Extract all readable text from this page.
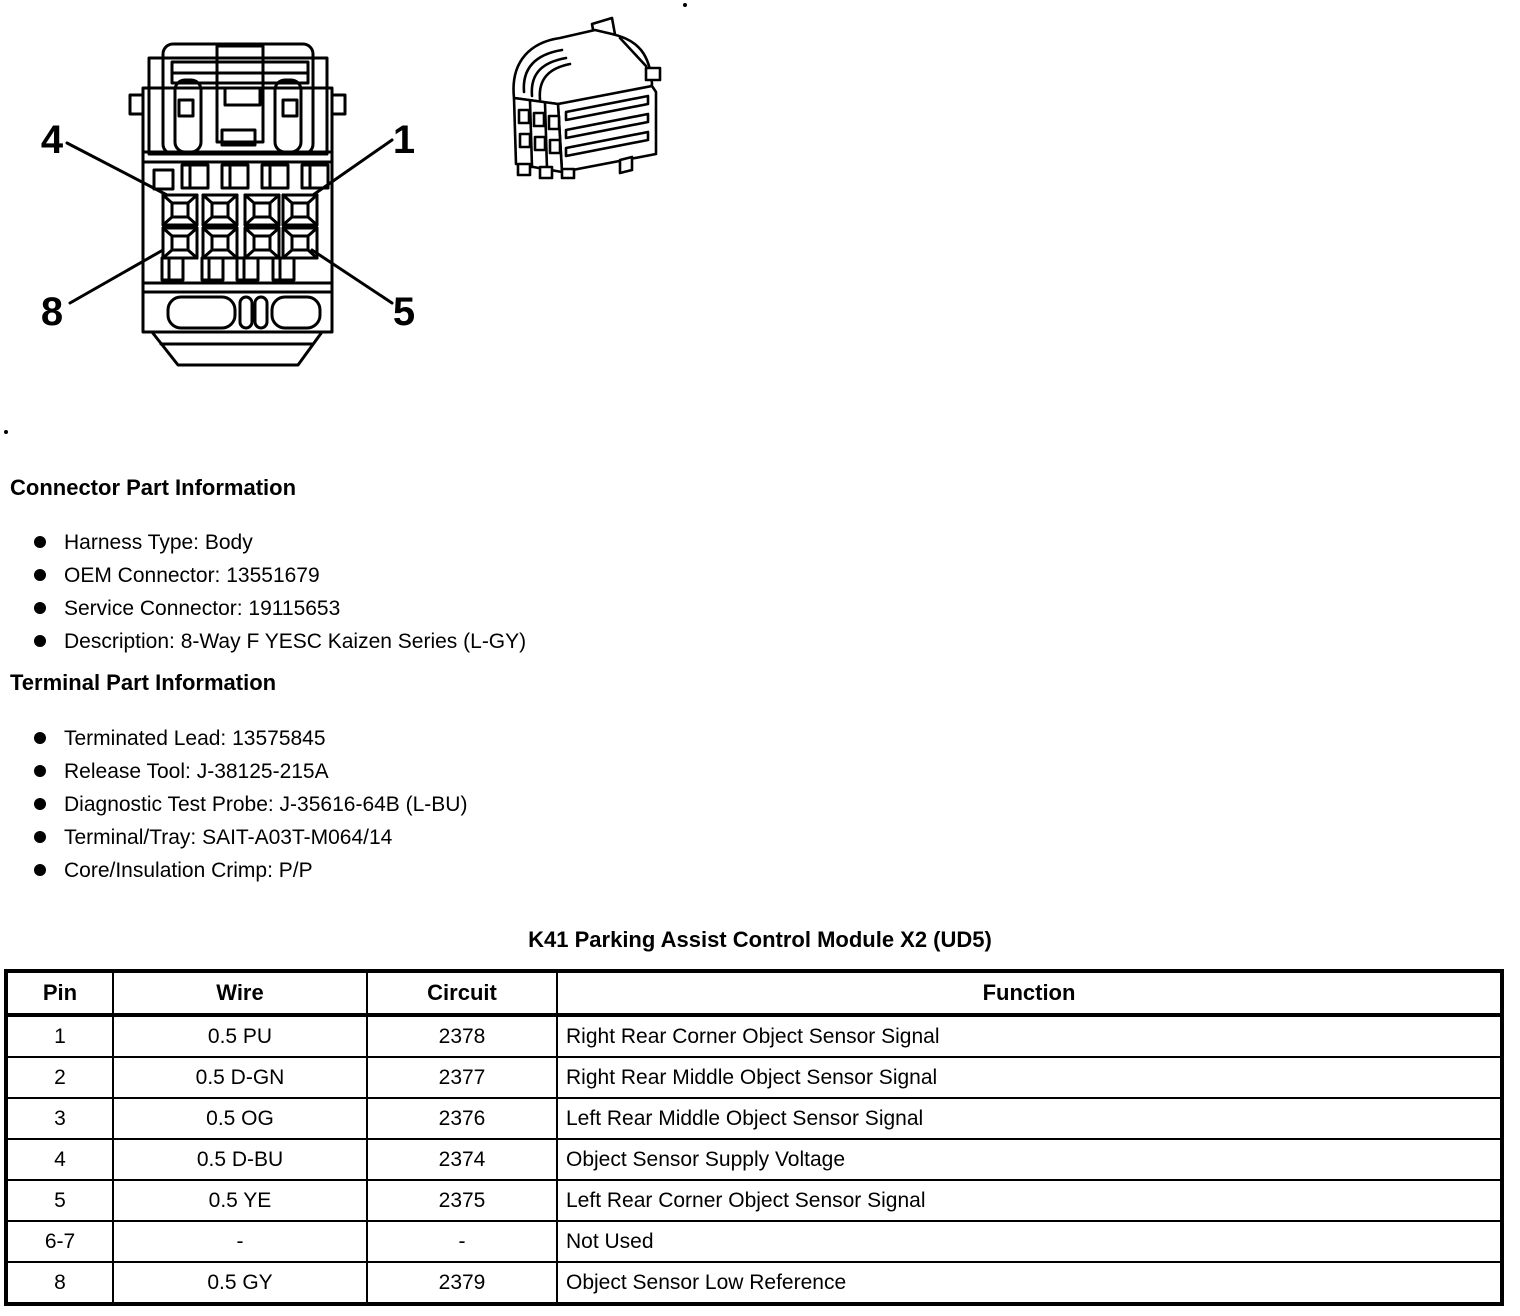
4	1
8	5
Connector Part Information
Harness Type: Body
OEM Connector: 13551679
Service Connector: 19115653
Description: 8-Way F YESC Kaizen Series (L-GY)
Terminal Part Information
Terminated Lead: 13575845
Release Tool: J-38125-215A
Diagnostic Test Probe: J-35616-64B (L-BU)
Terminal/Tray: SAIT-A03T-M064/14
Core/Insulation Crimp: P/P
K41 Parking Assist Control Module X2 (UD5)
Pin	Wire	Circuit	Function
1	0.5 PU	2378	Right Rear Corner Object Sensor Signal
2	0.5 D-GN	2377	Right Rear Middle Object Sensor Signal
3	0.5 OG	2376	Left Rear Middle Object Sensor Signal
4	0.5 D-BU	2374	Object Sensor Supply Voltage
5	0.5 YE	2375	Left Rear Corner Object Sensor Signal
6-7	-	-	Not Used
8	0.5 GY	2379	Object Sensor Low Reference
